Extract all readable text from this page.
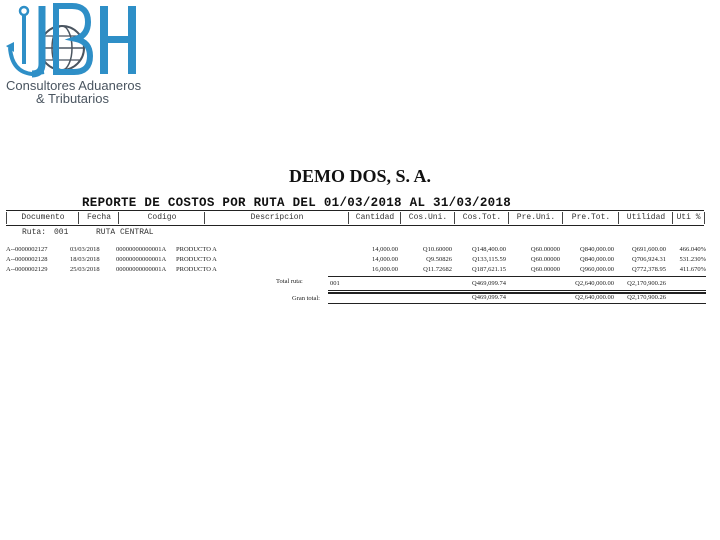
Consultores Aduaneros
& Tributarios
DEMO DOS, S. A.
REPORTE DE COSTOS POR RUTA DEL 01/03/2018 AL 31/03/2018
Documento	Fecha	Codigo	Descripcion	Cantidad	Cos.Uni.	Cos.Tot.	Pre.Uni.	Pre.Tot.	Utilidad	Uti %
Ruta: 001	RUTA CENTRAL
A--0000002127	03/03/2018	00000000000001A PRODUCTO A	14,000.00	Q10.60000	Q148,400.00	Q60.00000	Q840,000.00	Q691,600.00	466.040%
A--0000002128	18/03/2018	00000000000001A PRODUCTO A	14,000.00	Q9.50826	Q133,115.59	Q60.00000	Q840,000.00	Q706,924.31	531.230%
A--0000002129	25/03/2018	00000000000001A PRODUCTO A	16,000.00	Q11.72682	Q187,621.15	Q60.00000	Q960,000.00	Q772,378.95	411.670%
Total ruta:	001	Q469,099.74	Q2,640,000.00	Q2,170,900.26
Gran total:	Q469,099.74	Q2,640,000.00	Q2,170,900.26
